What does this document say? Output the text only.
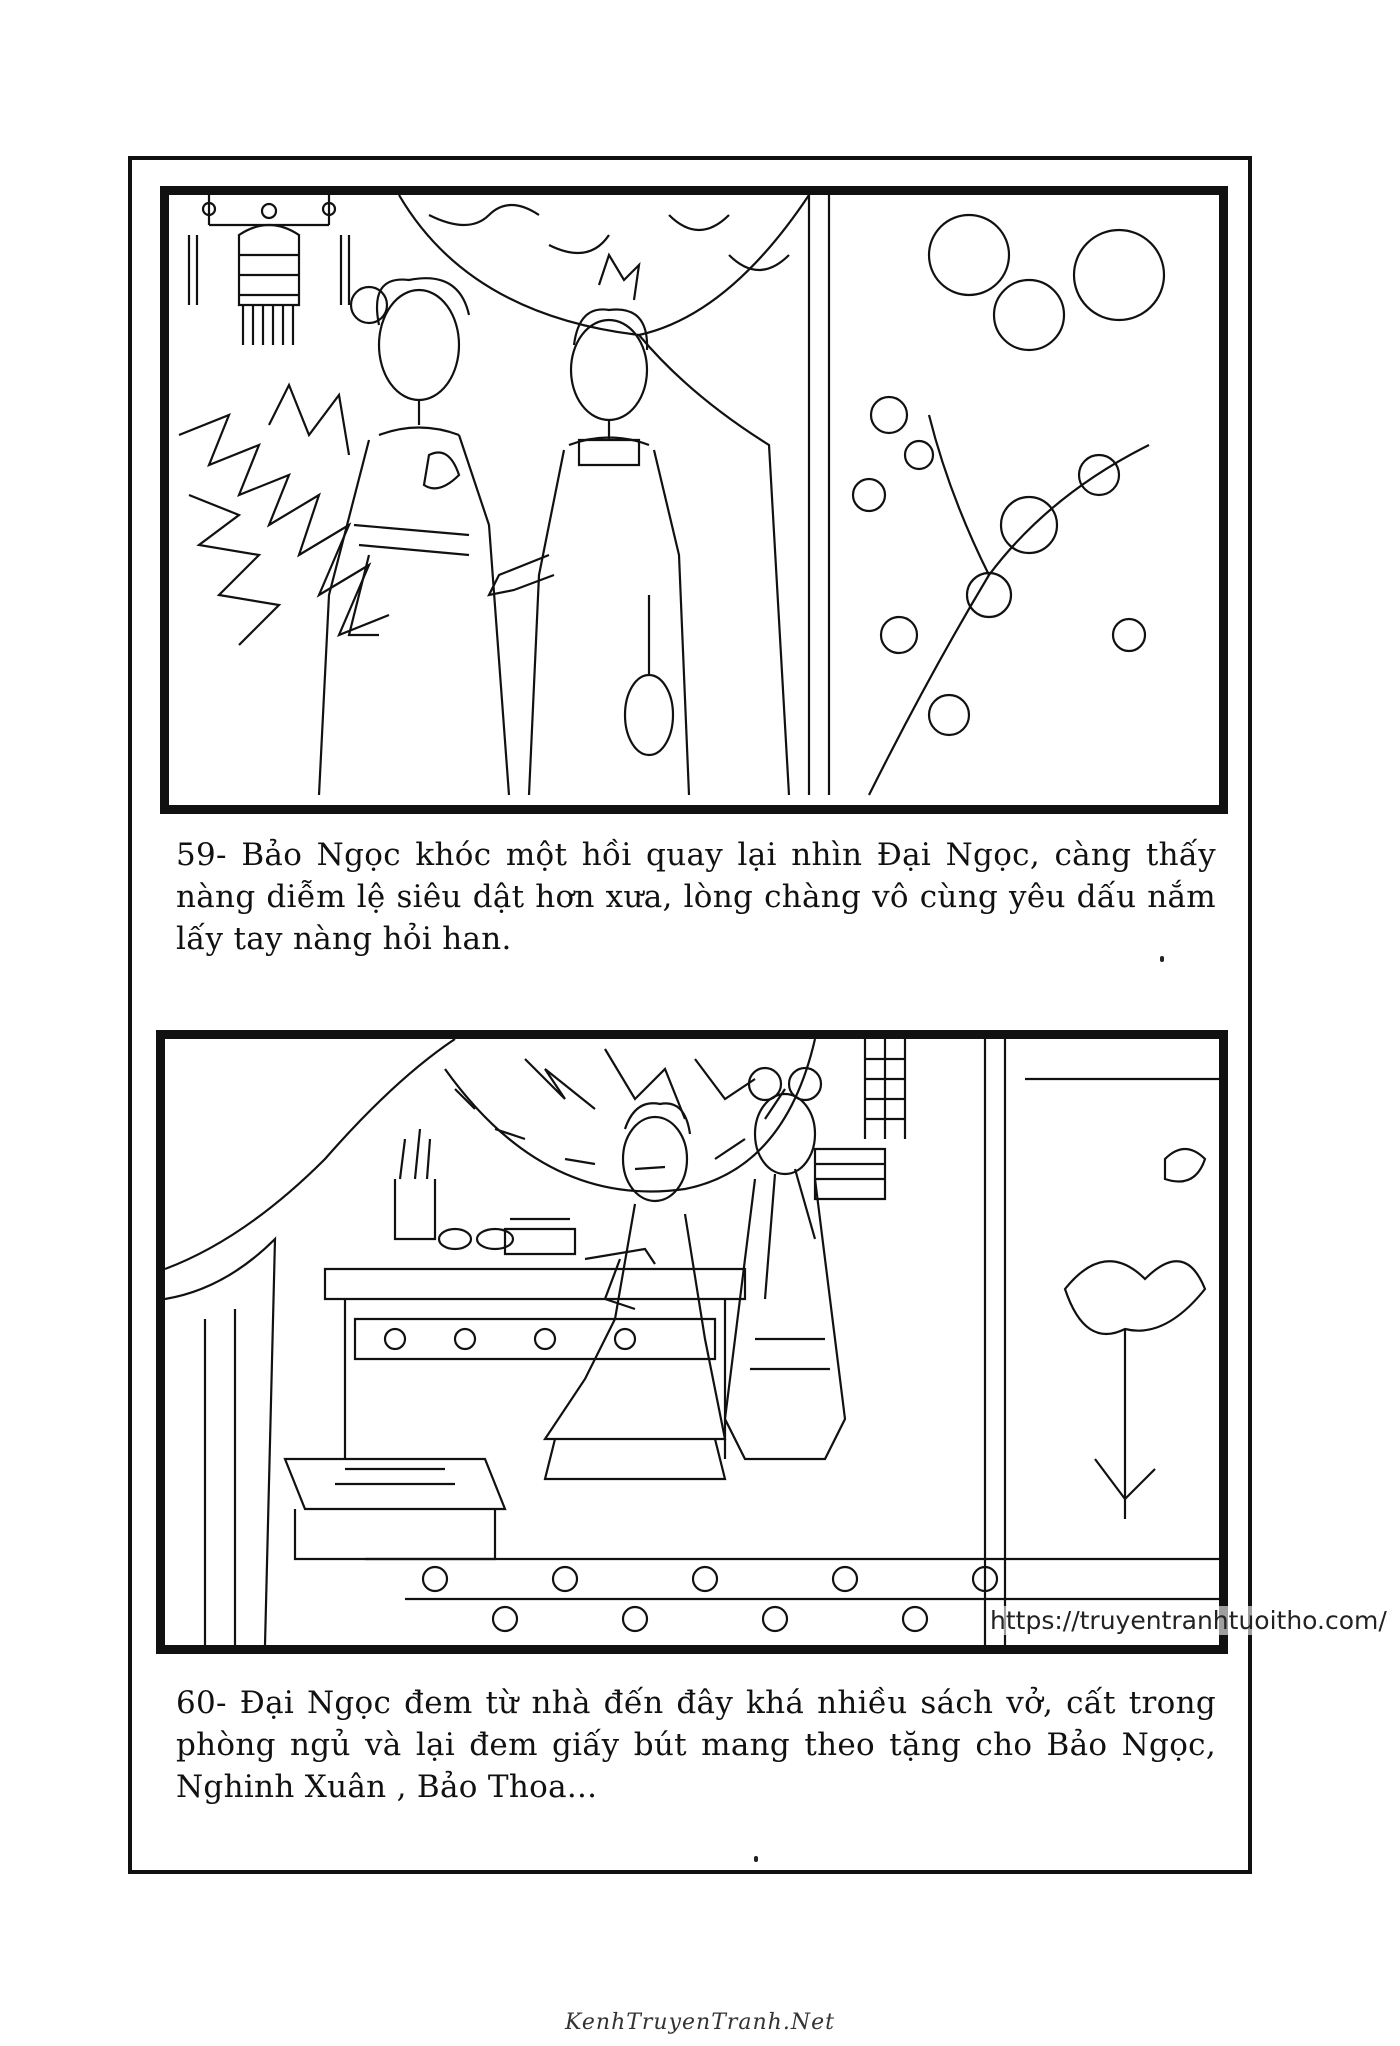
59- Bảo Ngọc khóc một hồi quay lại nhìn Đại Ngọc, càng thấy nàng diễm lệ siêu dật hơn xưa, lòng chàng vô cùng yêu dấu nắm lấy tay nàng hỏi han.
https://truyentranhtuoitho.com/
60- Đại Ngọc đem từ nhà đến đây khá nhiều sách vở, cất trong phòng ngủ và lại đem giấy bút mang theo tặng cho Bảo Ngọc, Nghinh Xuân , Bảo Thoa...
KenhTruyenTranh.Net
